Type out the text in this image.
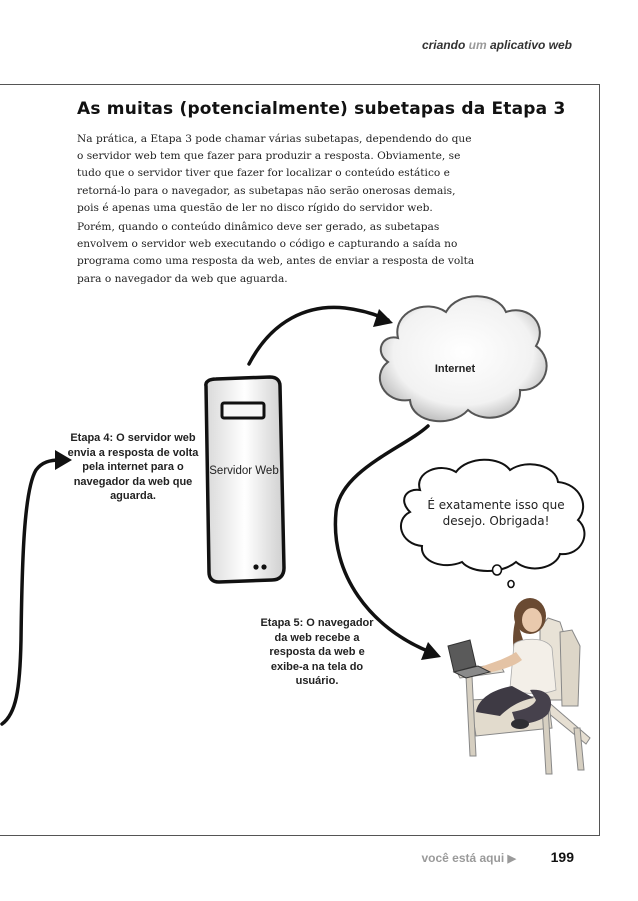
criando um aplicativo web
As muitas (potencialmente) subetapas da Etapa 3

Na prática, a Etapa 3 pode chamar várias subetapas, dependendo do que o servidor web tem que fazer para produzir a resposta. Obviamente, se tudo que o servidor tiver que fazer for localizar o conteúdo estático e retorná-lo para o navegador, as subetapas não serão onerosas demais, pois é apenas uma questão de ler no disco rígido do servidor web.

Porém, quando o conteúdo dinâmico deve ser gerado, as subetapas envolvem o servidor web executando o código e capturando a saída no programa como uma resposta da web, antes de enviar a resposta de volta para o navegador da web que aguarda.

Servidor Web

Internet

Etapa 4: O servidor web envia a resposta de volta pela internet para o navegador da web que aguarda.

Etapa 5: O navegador da web recebe a resposta da web e exibe-a na tela do usuário.

É exatamente isso que desejo. Obrigada!

você está aqui ▶ 199
